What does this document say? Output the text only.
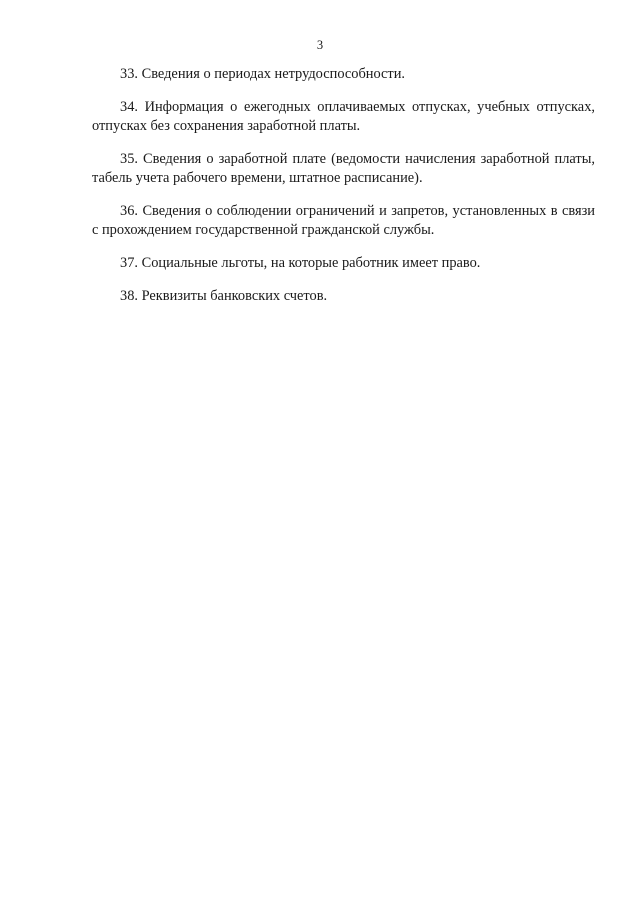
3

33. Сведения о периодах нетрудоспособности.

34. Информация о ежегодных оплачиваемых отпусках, учебных отпусках, отпусках без сохранения заработной платы.

35. Сведения о заработной плате (ведомости начисления заработной платы, табель учета рабочего времени, штатное расписание).

36. Сведения о соблюдении ограничений и запретов, установленных в связи с прохождением государственной гражданской службы.

37. Социальные льготы, на которые работник имеет право.

38. Реквизиты банковских счетов.
